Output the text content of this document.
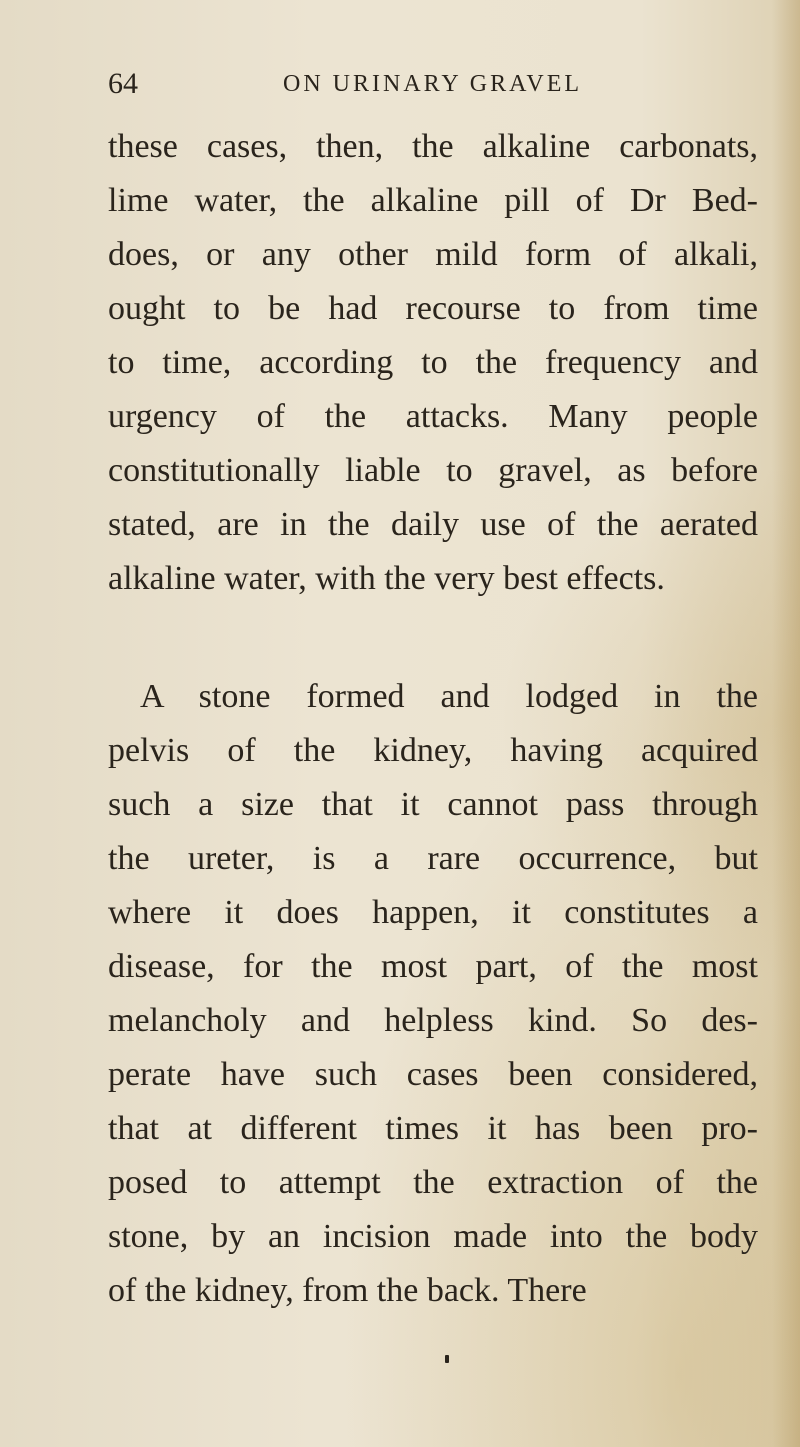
64	ON URINARY GRAVEL
these cases, then, the alkaline carbonats,
lime water, the alkaline pill of Dr Bed-
does, or any other mild form of alkali,
ought to be had recourse to from time
to time, according to the frequency and
urgency of the attacks. Many people
constitutionally liable to gravel, as before
stated, are in the daily use of the aerated
alkaline water, with the very best effects.
A stone formed and lodged in the
pelvis of the kidney, having acquired
such a size that it cannot pass through
the ureter, is a rare occurrence, but
where it does happen, it constitutes a
disease, for the most part, of the most
melancholy and helpless kind. So des-
perate have such cases been considered,
that at different times it has been pro-
posed to attempt the extraction of the
stone, by an incision made into the body
of the kidney, from the back. There
